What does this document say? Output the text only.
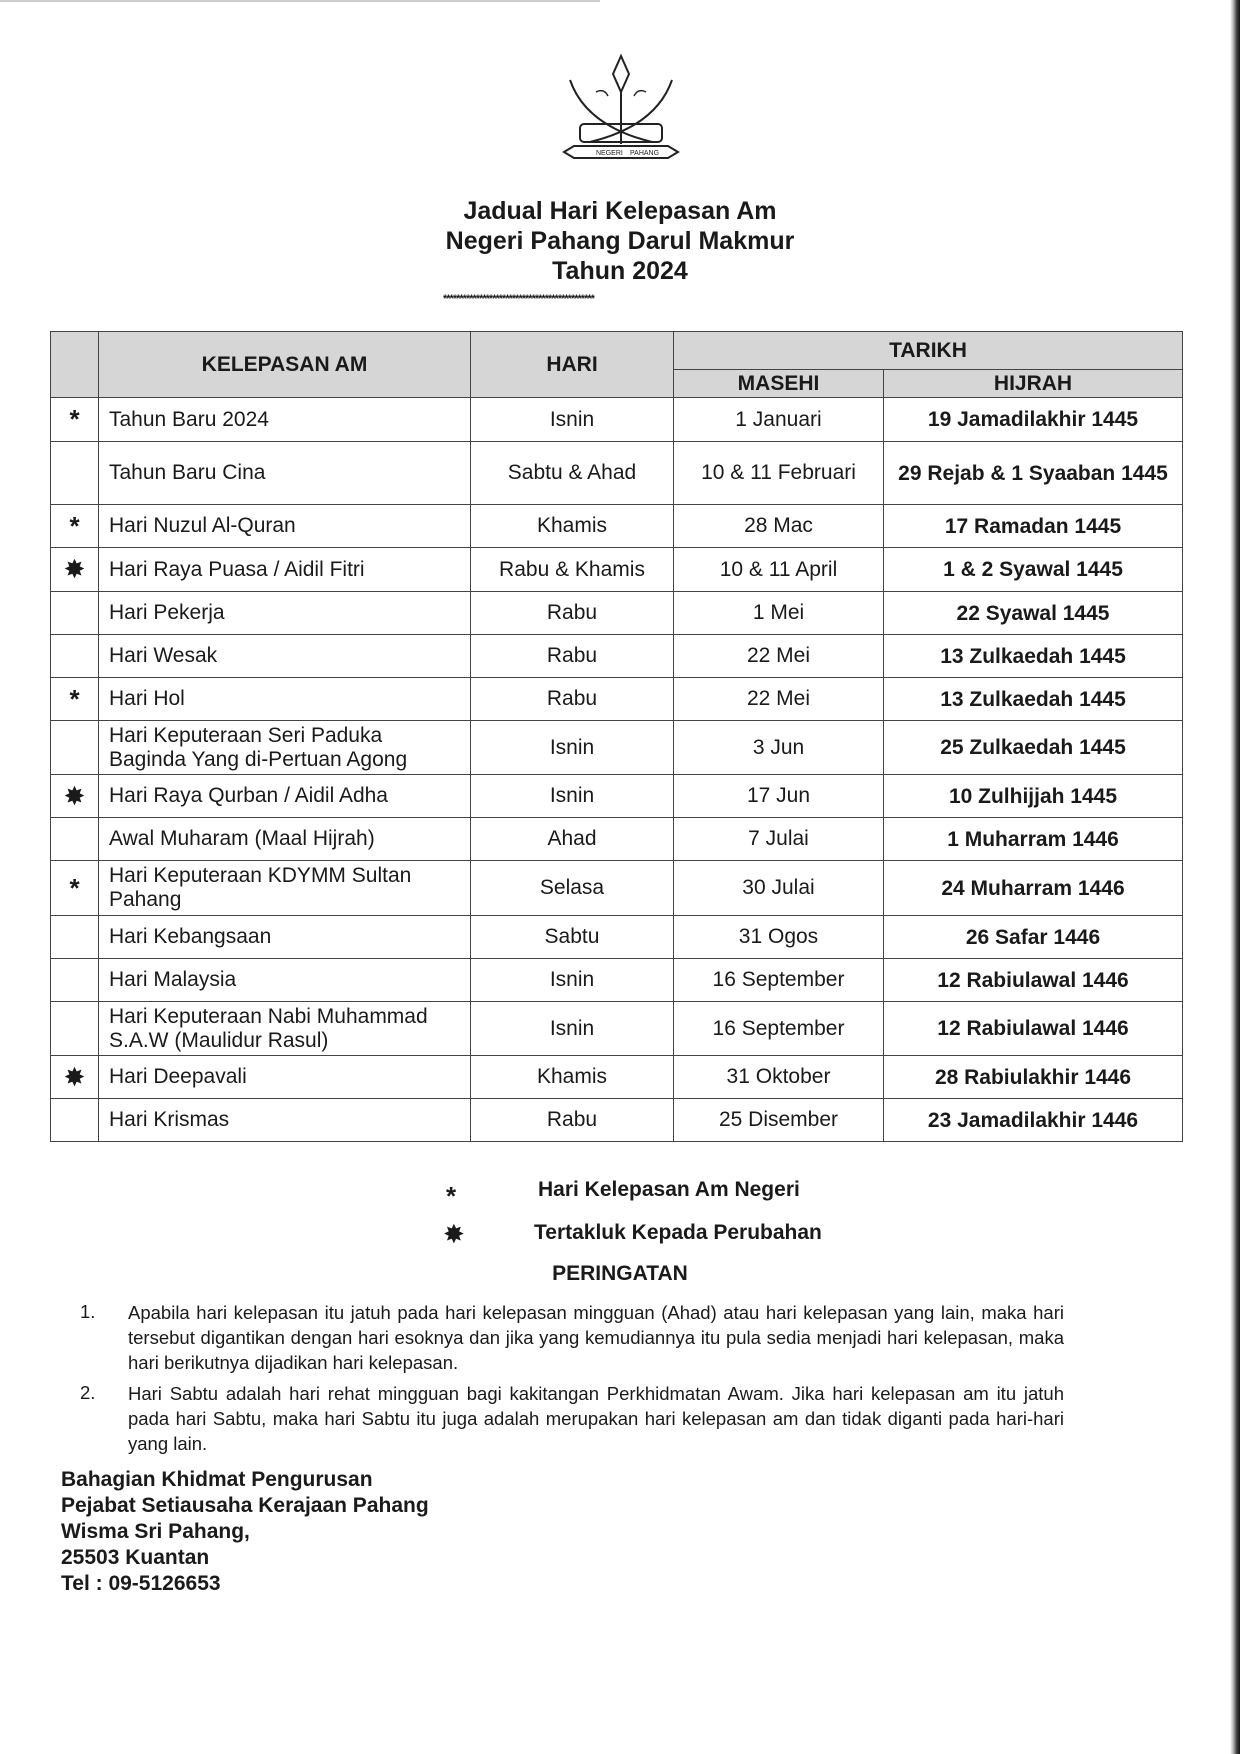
NEGERI PAHANG
Jadual Hari Kelepasan Am
Negeri Pahang Darul Makmur
Tahun 2024
**********************************************
	KELEPASAN AM	HARI	TARIKH	
			MASEHI	HIJRAH
*	Tahun Baru 2024	Isnin	1 Januari	19 Jamadilakhir 1445
	Tahun Baru Cina	Sabtu & Ahad	10 & 11 Februari	29 Rejab & 1 Syaaban 1445
*	Hari Nuzul Al-Quran	Khamis	28 Mac	17 Ramadan 1445
✸	Hari Raya Puasa / Aidil Fitri	Rabu & Khamis	10 & 11 April	1 & 2 Syawal 1445
	Hari Pekerja	Rabu	1 Mei	22 Syawal 1445
	Hari Wesak	Rabu	22 Mei	13 Zulkaedah 1445
*	Hari Hol	Rabu	22 Mei	13 Zulkaedah 1445
	Hari Keputeraan Seri Paduka Baginda Yang di-Pertuan Agong	Isnin	3 Jun	25 Zulkaedah 1445
✸	Hari Raya Qurban / Aidil Adha	Isnin	17 Jun	10 Zulhijjah 1445
	Awal Muharam (Maal Hijrah)	Ahad	7 Julai	1 Muharram 1446
*	Hari Keputeraan KDYMM Sultan Pahang	Selasa	30 Julai	24 Muharram 1446
	Hari Kebangsaan	Sabtu	31 Ogos	26 Safar 1446
	Hari Malaysia	Isnin	16 September	12 Rabiulawal 1446
	Hari Keputeraan Nabi Muhammad S.A.W (Maulidur Rasul)	Isnin	16 September	12 Rabiulawal 1446
✸	Hari Deepavali	Khamis	31 Oktober	28 Rabiulakhir 1446
	Hari Krismas	Rabu	25 Disember	23 Jamadilakhir 1446
*	Hari Kelepasan Am Negeri
✸	Tertakluk Kepada Perubahan
PERINGATAN
1. Apabila hari kelepasan itu jatuh pada hari kelepasan mingguan (Ahad) atau hari kelepasan yang lain, maka hari tersebut digantikan dengan hari esoknya dan jika yang kemudiannya itu pula sedia menjadi hari kelepasan, maka hari berikutnya dijadikan hari kelepasan.
2. Hari Sabtu adalah hari rehat mingguan bagi kakitangan Perkhidmatan Awam. Jika hari kelepasan am itu jatuh pada hari Sabtu, maka hari Sabtu itu juga adalah merupakan hari kelepasan am dan tidak diganti pada hari-hari yang lain.
Bahagian Khidmat Pengurusan
Pejabat Setiausaha Kerajaan Pahang
Wisma Sri Pahang,
25503 Kuantan
Tel : 09-5126653
